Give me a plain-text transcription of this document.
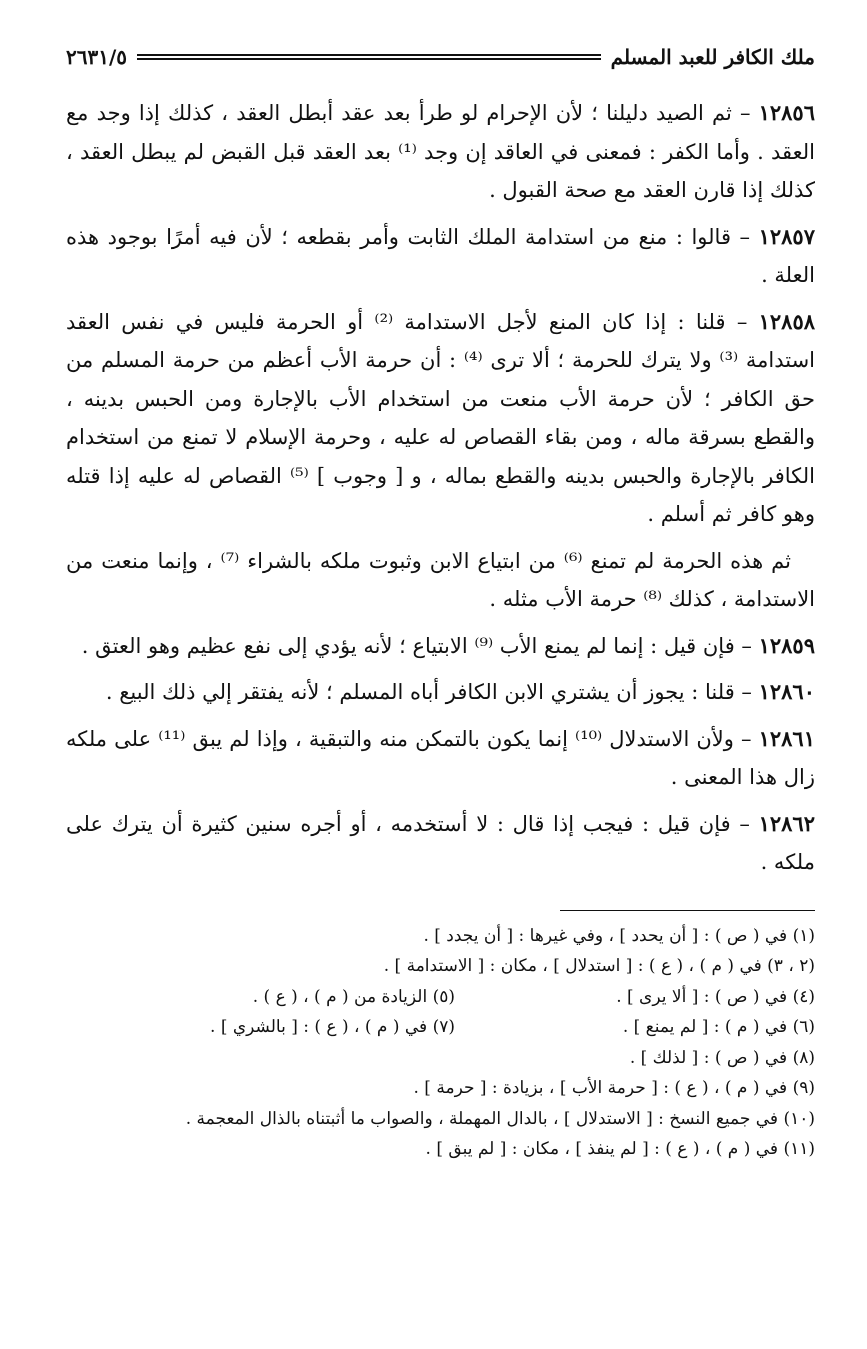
ملك الكافر للعبد المسلم
٢٦٣١/٥

١٢٨٥٦ – ثم الصيد دليلنا ؛ لأن الإحرام لو طرأ بعد عقد أبطل العقد ، كذلك إذا وجد مع العقد . وأما الكفر : فمعنى في العاقد إن وجد ⁽¹⁾ بعد العقد قبل القبض لم يبطل العقد ، كذلك إذا قارن العقد مع صحة القبول .

١٢٨٥٧ – قالوا : منع من استدامة الملك الثابت وأمر بقطعه ؛ لأن فيه أمرًا بوجود هذه العلة .

١٢٨٥٨ – قلنا : إذا كان المنع لأجل الاستدامة ⁽²⁾ أو الحرمة فليس في نفس العقد استدامة ⁽³⁾ ولا يترك للحرمة ؛ ألا ترى ⁽⁴⁾ : أن حرمة الأب أعظم من حرمة المسلم من حق الكافر ؛ لأن حرمة الأب منعت من استخدام الأب بالإجارة ومن الحبس بدينه ، والقطع بسرقة ماله ، ومن بقاء القصاص له عليه ، وحرمة الإسلام لا تمنع من استخدام الكافر بالإجارة والحبس بدينه والقطع بماله ، و [ وجوب ] ⁽⁵⁾ القصاص له عليه إذا قتله وهو كافر ثم أسلم .

ثم هذه الحرمة لم تمنع ⁽⁶⁾ من ابتياع الابن وثبوت ملكه بالشراء ⁽⁷⁾ ، وإنما منعت من الاستدامة ، كذلك ⁽⁸⁾ حرمة الأب مثله .

١٢٨٥٩ – فإن قيل : إنما لم يمنع الأب ⁽⁹⁾ الابتياع ؛ لأنه يؤدي إلى نفع عظيم وهو العتق .

١٢٨٦٠ – قلنا : يجوز أن يشتري الابن الكافر أباه المسلم ؛ لأنه يفتقر إلي ذلك البيع .

١٢٨٦١ – ولأن الاستدلال ⁽¹⁰⁾ إنما يكون بالتمكن منه والتبقية ، وإذا لم يبق ⁽¹¹⁾ على ملكه زال هذا المعنى .

١٢٨٦٢ – فإن قيل : فيجب إذا قال : لا أستخدمه ، أو أجره سنين كثيرة أن يترك على ملكه .

(١) في ( ص ) : [ أن يحدد ] ، وفي غيرها : [ أن يجدد ] .
(٢ ، ٣) في ( م ) ، ( ع ) : [ استدلال ] ، مكان : [ الاستدامة ] .
(٤) في ( ص ) : [ ألا يرى ] .
(٥) الزيادة من ( م ) ، ( ع ) .
(٦) في ( م ) : [ لم يمنع ] .
(٧) في ( م ) ، ( ع ) : [ بالشري ] .
(٨) في ( ص ) : [ لذلك ] .
(٩) في ( م ) ، ( ع ) : [ حرمة الأب ] ، بزيادة : [ حرمة ] .
(١٠) في جميع النسخ : [ الاستدلال ] ، بالدال المهملة ، والصواب ما أثبتناه بالذال المعجمة .
(١١) في ( م ) ، ( ع ) : [ لم ينفذ ] ، مكان : [ لم يبق ] .
